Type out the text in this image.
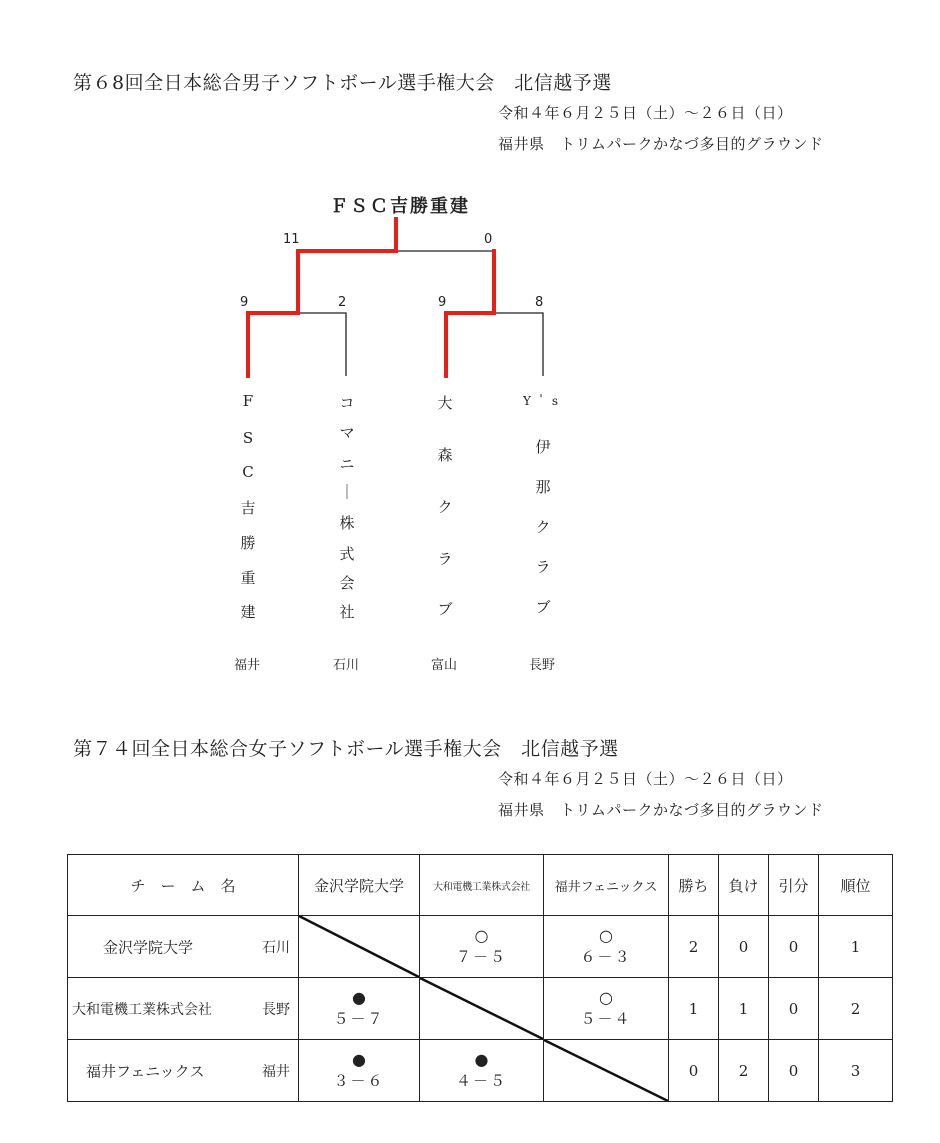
第６8回全日本総合男子ソフトボール選手権大会　北信越予選
令和４年６月２５日（土）～２６日（日）
福井県　トリムパークかなづ多目的グラウンド
ＦＳＣ吉勝重建
11	0
9	2	9	8
F
S
C
吉
勝
重
建
コ
マ
ニ
｜
株
式
会
社
大
森
ク
ラ
ブ
Y ' s
伊
那
ク
ラ
ブ
福井	石川	富山	長野
第７４回全日本総合女子ソフトボール選手権大会　北信越予選
令和４年６月２５日（土）～２６日（日）
福井県　トリムパークかなづ多目的グラウンド
チ　ー　ム　名	金沢学院大学	大和電機工業株式会社	福井フェニックス	勝ち	負け	引分	順位

金沢学院大学 石川		○
７－５	○
６－３	2	0	0	1

大和電機工業株式会社 長野	●
５－７		○
５－４	1	1	0	2

福井フェニックス 福井	●
３－６	●
４－５		0	2	0	3
